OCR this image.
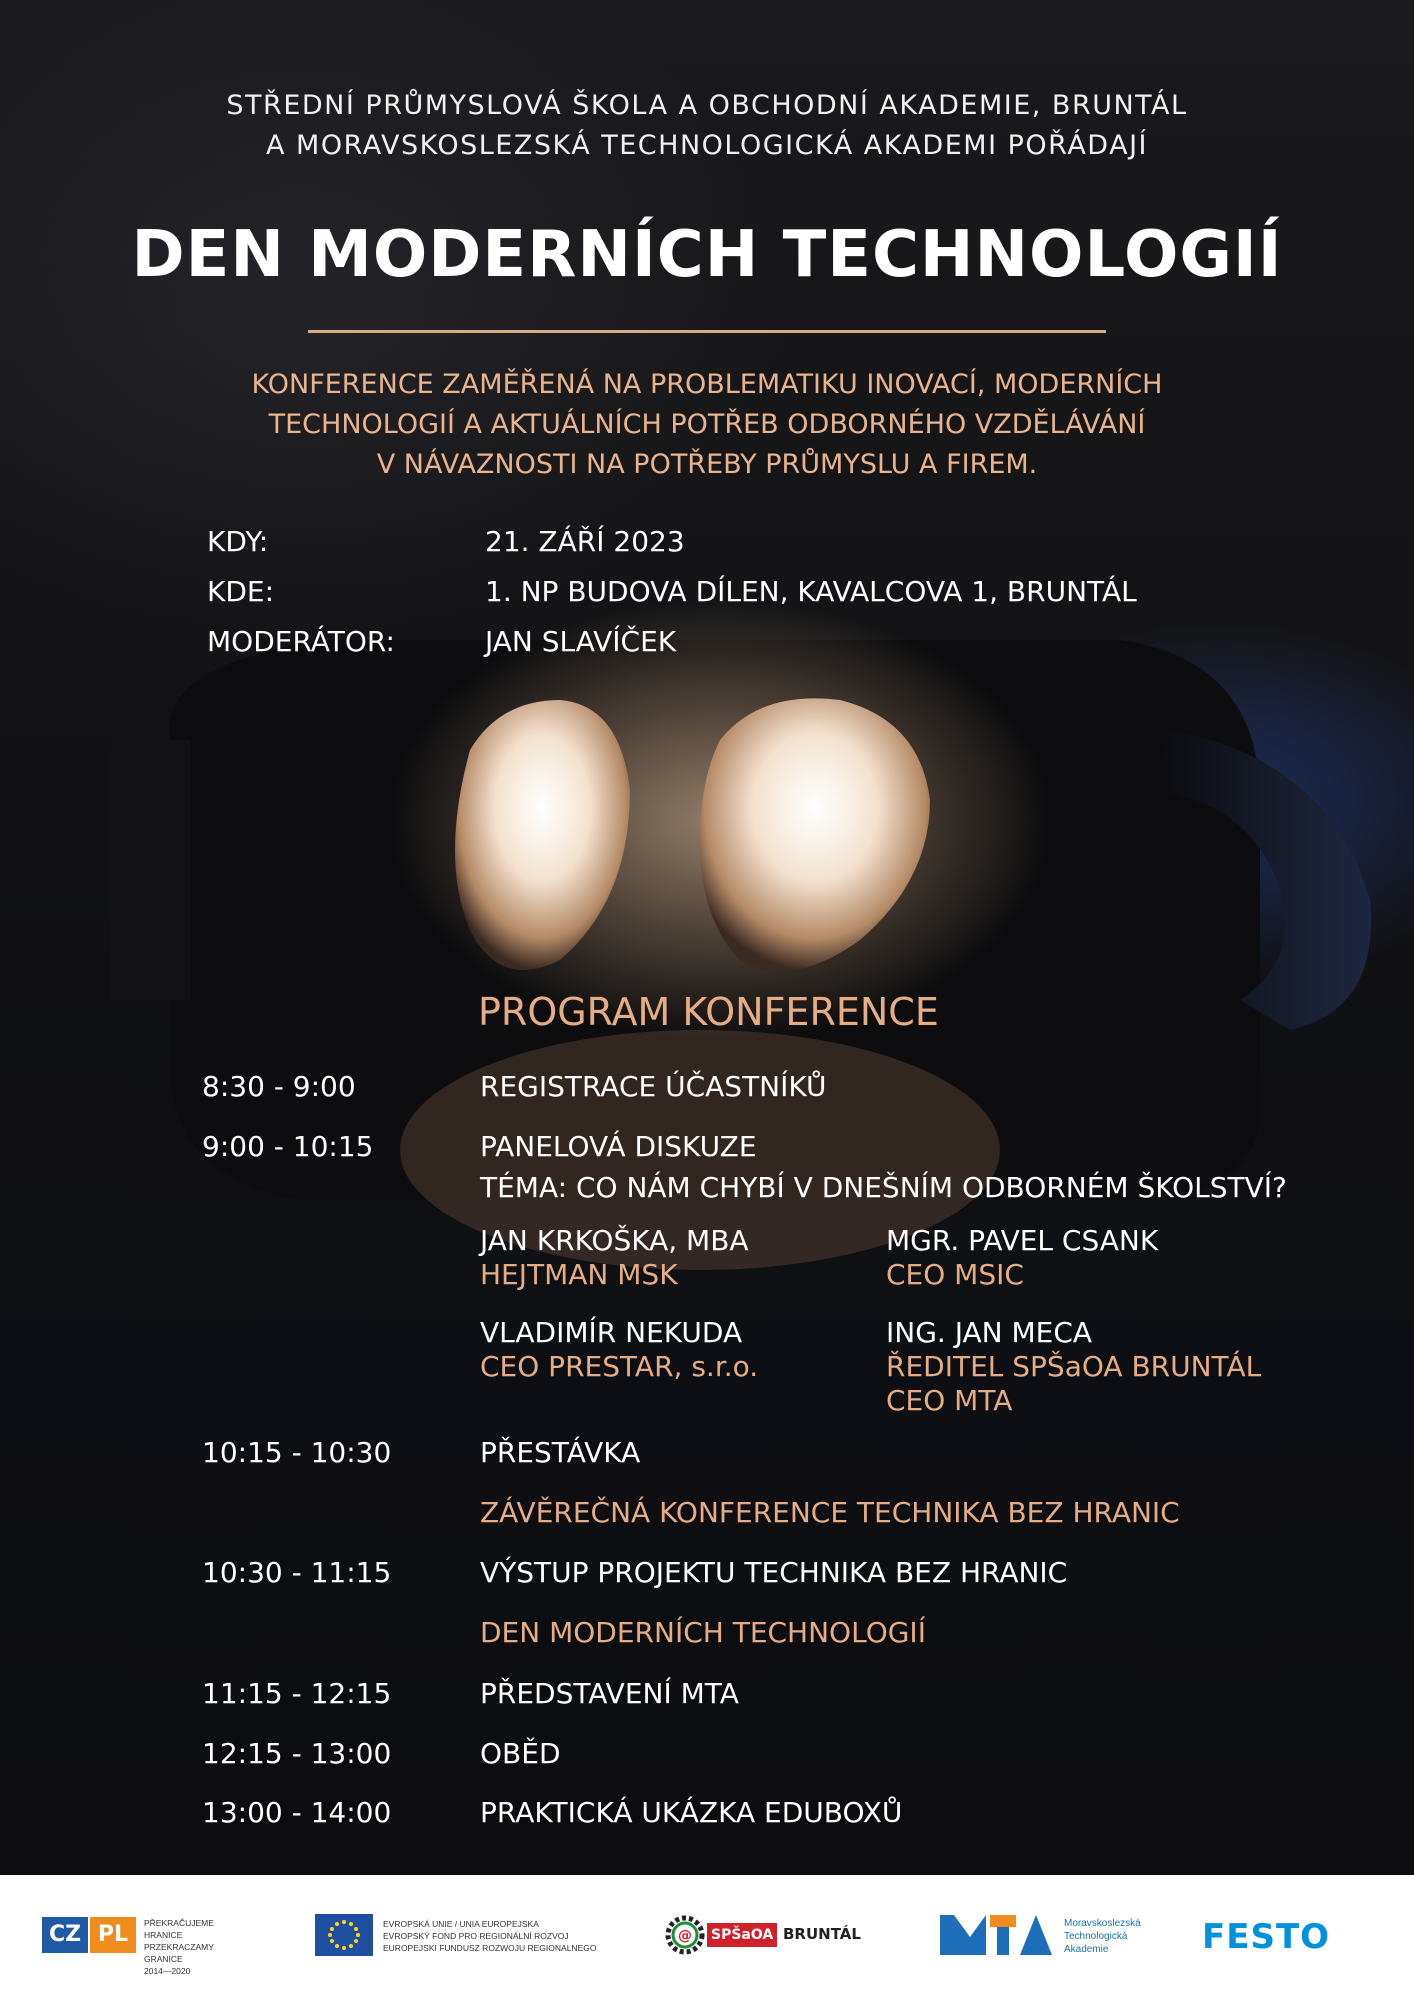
STŘEDNÍ PRŮMYSLOVÁ ŠKOLA A OBCHODNÍ AKADEMIE, BRUNTÁL
A MORAVSKOSLEZSKÁ TECHNOLOGICKÁ AKADEMI POŘÁDAJÍ
DEN MODERNÍCH TECHNOLOGIÍ
KONFERENCE ZAMĚŘENÁ NA PROBLEMATIKU INOVACÍ, MODERNÍCH
TECHNOLOGIÍ A AKTUÁLNÍCH POTŘEB ODBORNÉHO VZDĚLÁVÁNÍ
V NÁVAZNOSTI NA POTŘEBY PRŮMYSLU A FIREM.
KDY:	21. ZÁŘÍ 2023
KDE:	1. NP BUDOVA DÍLEN, KAVALCOVA 1, BRUNTÁL
MODERÁTOR:	JAN SLAVÍČEK
PROGRAM KONFERENCE
8:30 - 9:00	REGISTRACE ÚČASTNÍKŮ
9:00 - 10:15	PANELOVÁ DISKUZE
TÉMA: CO NÁM CHYBÍ V DNEŠNÍM ODBORNÉM ŠKOLSTVÍ?
JAN KRKOŠKA, MBA
HEJTMAN MSK
MGR. PAVEL CSANK
CEO MSIC
VLADIMÍR NEKUDA
CEO PRESTAR, s.r.o.
ING. JAN MECA
ŘEDITEL SPŠaOA BRUNTÁL
CEO MTA
10:15 - 10:30	PŘESTÁVKA
ZÁVĚREČNÁ KONFERENCE TECHNIKA BEZ HRANIC
10:30 - 11:15	VÝSTUP PROJEKTU TECHNIKA BEZ HRANIC
DEN MODERNÍCH TECHNOLOGIÍ
11:15 - 12:15	PŘEDSTAVENÍ MTA
12:15 - 13:00	OBĚD
13:00 - 14:00	PRAKTICKÁ UKÁZKA EDUBOXŮ
CZ PL	PŘEKRAČUJEME HRANICE
PRZEKRACZAMY GRANICE
2014—2020
EVROPSKÁ UNIE / UNIA EUROPEJSKA
EVROPSKÝ FOND PRO REGIONÁLNÍ ROZVOJ
EUROPEJSKI FUNDUSZ ROZWOJU REGIONALNEGO
@ SPŠaOA BRUNTÁL
Moravskoslezská
Technologická
Akademie	FESTO
